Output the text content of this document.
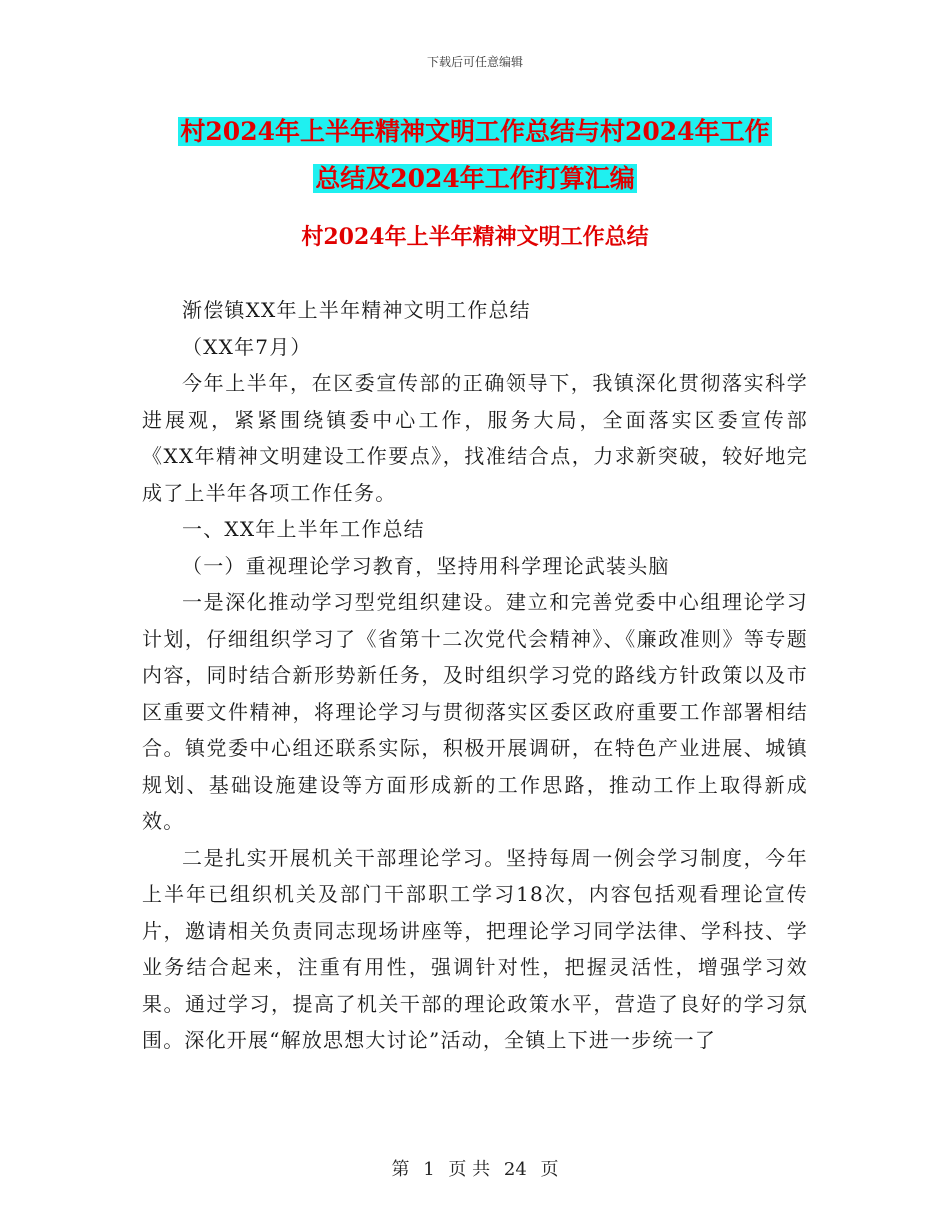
下载后可任意编辑
村2024年上半年精神文明工作总结与村2024年工作
总结及2024年工作打算汇编
村2024年上半年精神文明工作总结

渐偿镇XX年上半年精神文明工作总结

（XX年7月）

今年上半年，在区委宣传部的正确领导下，我镇深化贯彻落实科学进展观，紧紧围绕镇委中心工作，服务大局，全面落实区委宣传部《XX年精神文明建设工作要点》，找准结合点，力求新突破，较好地完成了上半年各项工作任务。

一、XX年上半年工作总结

（一）重视理论学习教育，坚持用科学理论武装头脑

一是深化推动学习型党组织建设。建立和完善党委中心组理论学习计划，仔细组织学习了《省第十二次党代会精神》、《廉政准则》等专题内容，同时结合新形势新任务，及时组织学习党的路线方针政策以及市区重要文件精神，将理论学习与贯彻落实区委区政府重要工作部署相结合。镇党委中心组还联系实际，积极开展调研，在特色产业进展、城镇规划、基础设施建设等方面形成新的工作思路，推动工作上取得新成效。

二是扎实开展机关干部理论学习。坚持每周一例会学习制度，今年上半年已组织机关及部门干部职工学习18次，内容包括观看理论宣传片，邀请相关负责同志现场讲座等，把理论学习同学法律、学科技、学业务结合起来，注重有用性，强调针对性，把握灵活性，增强学习效果。通过学习，提高了机关干部的理论政策水平，营造了良好的学习氛围。深化开展“解放思想大讨论”活动，全镇上下进一步统一了

第 1 页 共 24 页
